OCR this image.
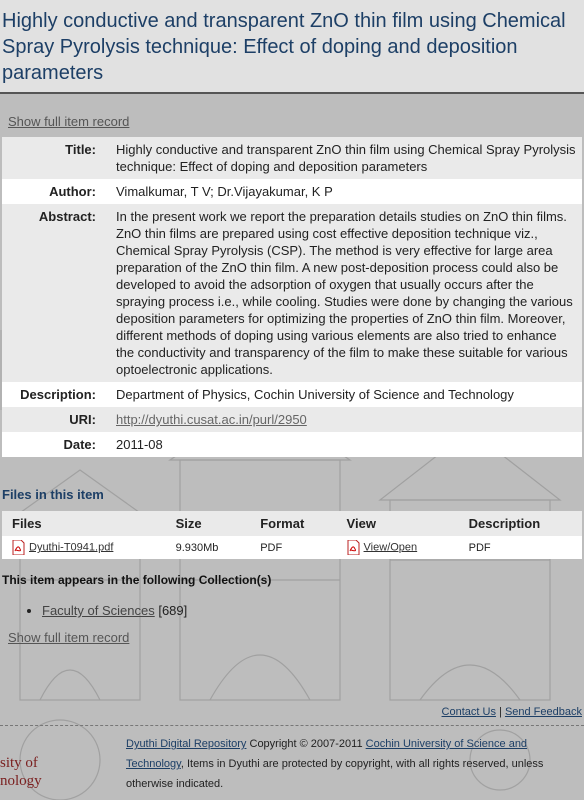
Highly conductive and transparent ZnO thin film using Chemical Spray Pyrolysis technique: Effect of doping and deposition parameters
Show full item record
Title:	Highly conductive and transparent ZnO thin film using Chemical Spray Pyrolysis technique: Effect of doping and deposition parameters
Author:	Vimalkumar, T V; Dr.Vijayakumar, K P
Abstract:	In the present work we report the preparation details studies on ZnO thin films. ZnO thin films are prepared using cost effective deposition technique viz., Chemical Spray Pyrolysis (CSP). The method is very effective for large area preparation of the ZnO thin film. A new post-deposition process could also be developed to avoid the adsorption of oxygen that usually occurs after the spraying process i.e., while cooling. Studies were done by changing the various deposition parameters for optimizing the properties of ZnO thin film. Moreover, different methods of doping using various elements are also tried to enhance the conductivity and transparency of the film to make these suitable for various optoelectronic applications.
Description:	Department of Physics, Cochin University of Science and Technology
URI:	http://dyuthi.cusat.ac.in/purl/2950
Date:	2011-08
Files in this item
Files	Size	Format	View	Description
Dyuthi-T0941.pdf	9.930Mb	PDF	View/Open	PDF
This item appears in the following Collection(s)
• Faculty of Sciences [689]
Show full item record
Contact Us | Send Feedback
Dyuthi Digital Repository Copyright © 2007-2011 Cochin University of Science and Technology, Items in Dyuthi are protected by copyright, with all rights reserved, unless otherwise indicated.
sity of
nology
